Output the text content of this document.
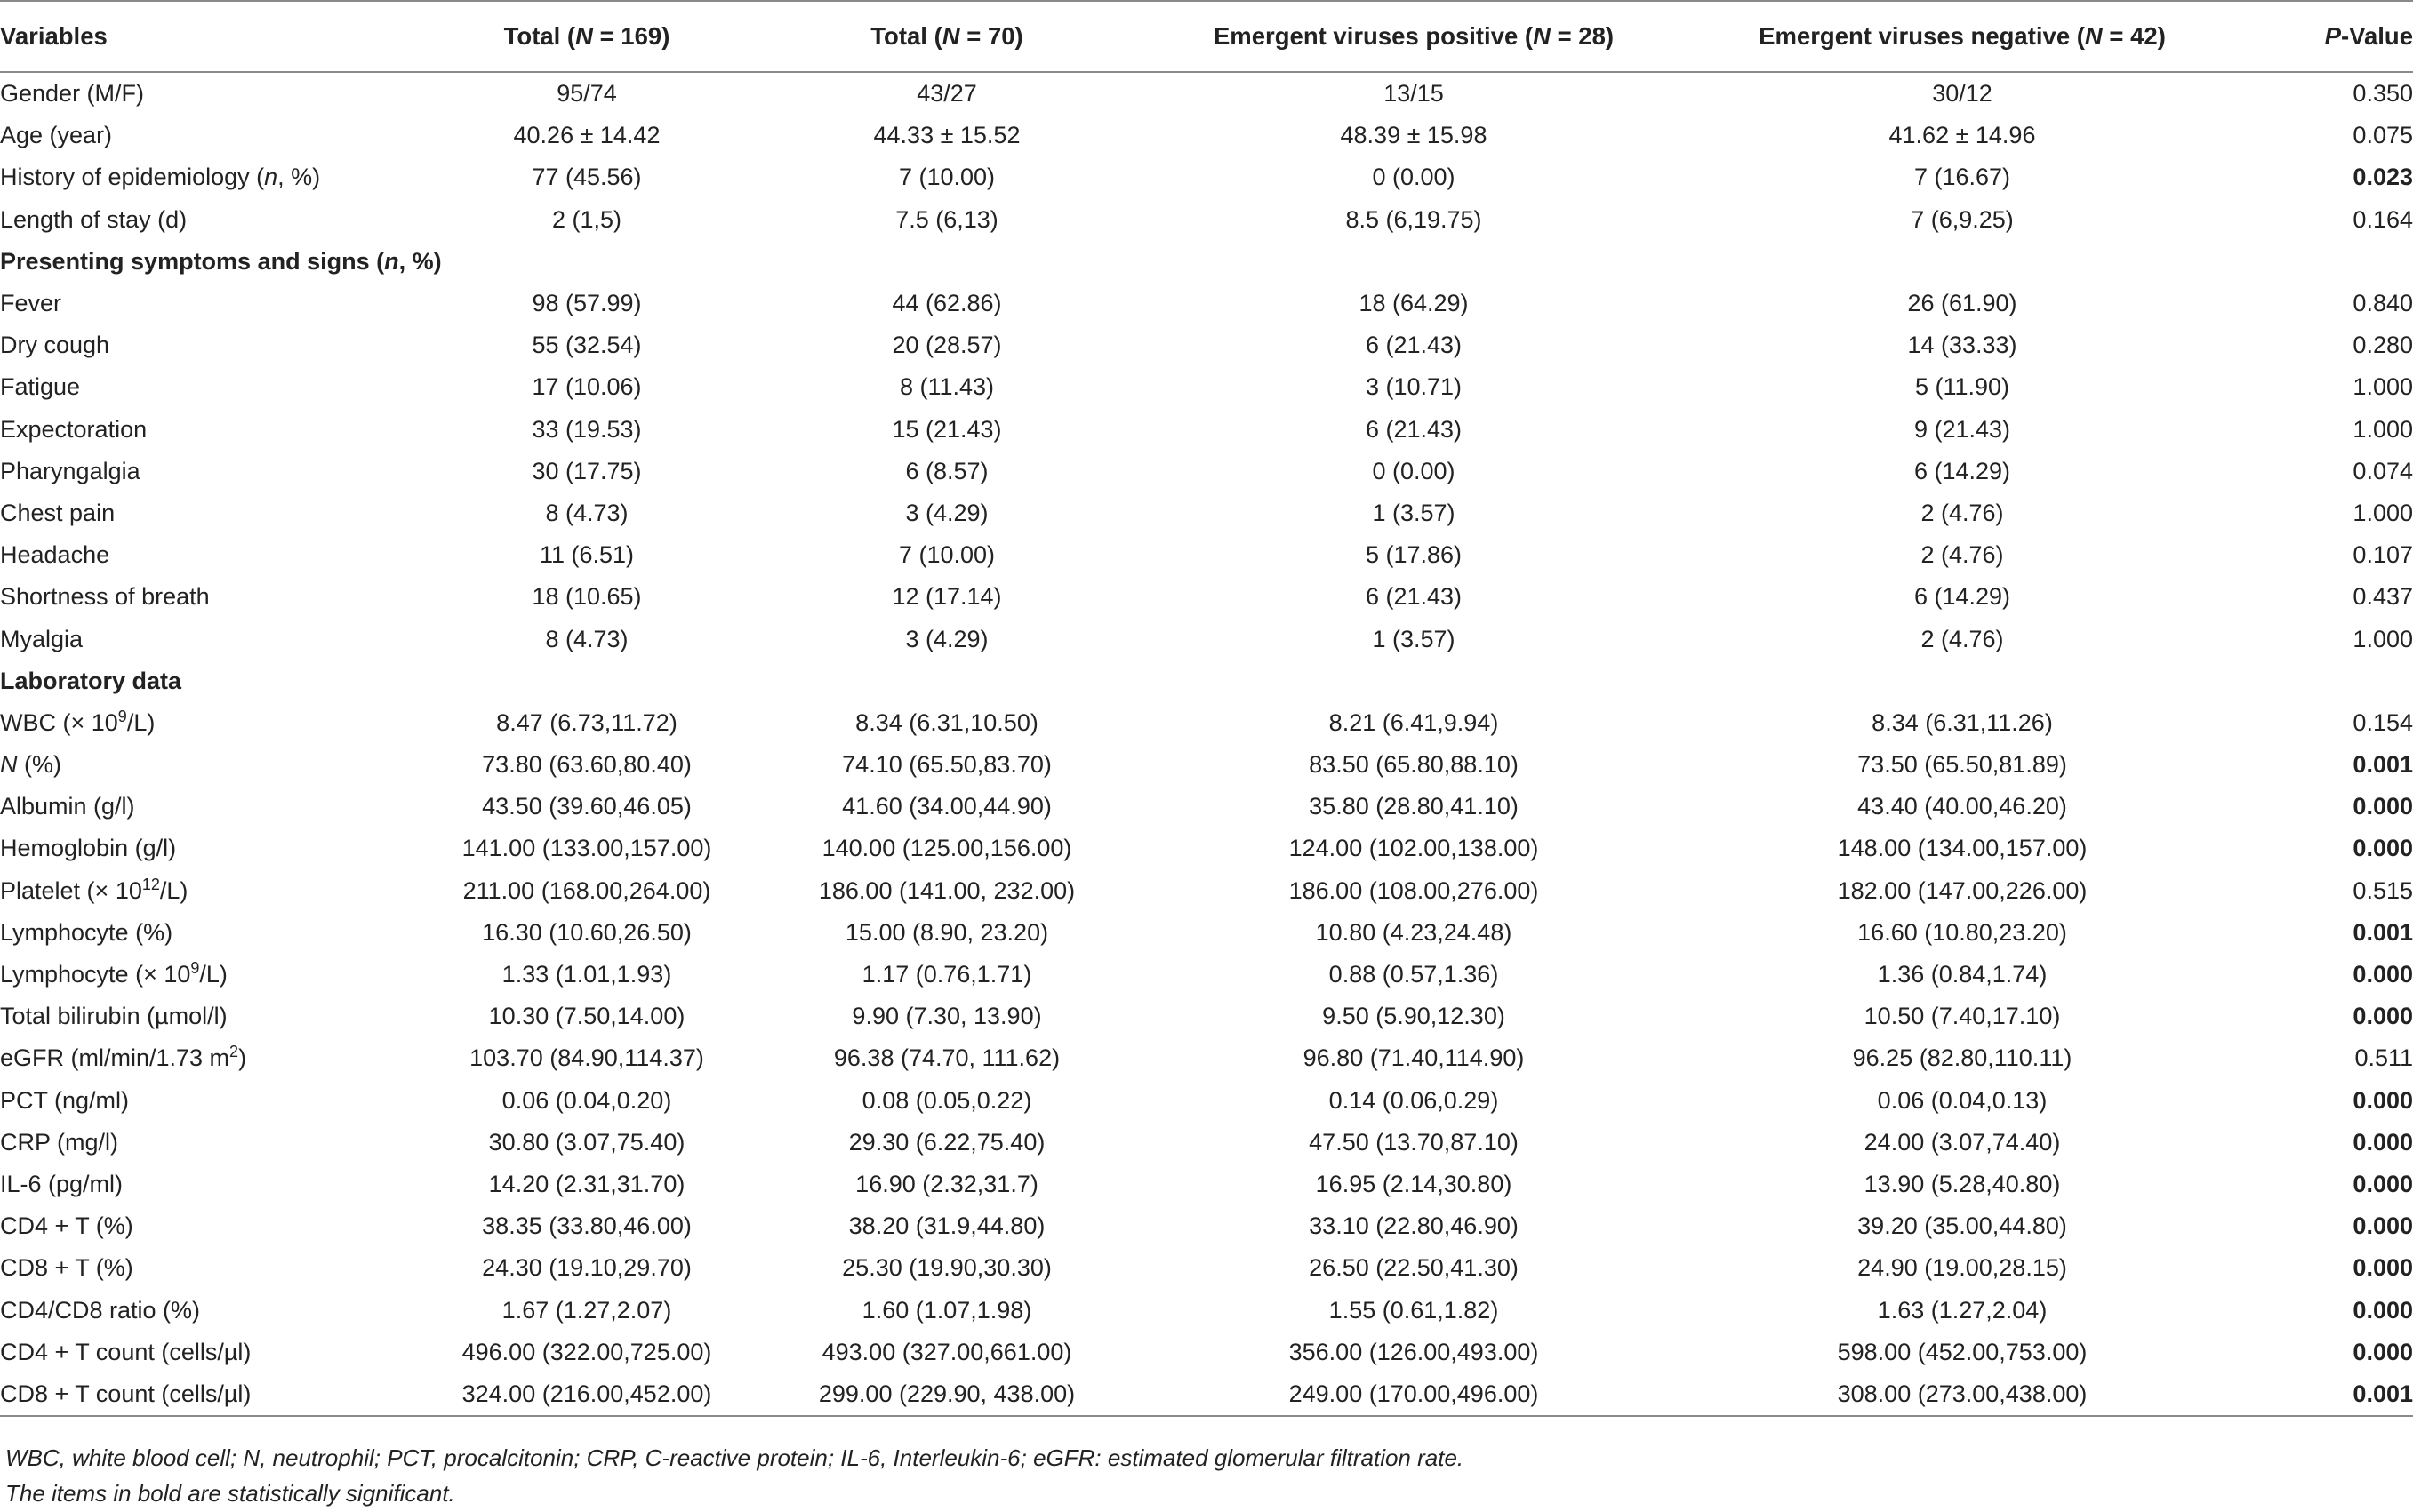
Variables	Total (N = 169)	Total (N = 70)	Emergent viruses positive (N = 28)	Emergent viruses negative (N = 42)	P-Value
Gender (M/F)	95/74	43/27	13/15	30/12	0.350
Age (year)	40.26 ± 14.42	44.33 ± 15.52	48.39 ± 15.98	41.62 ± 14.96	0.075
History of epidemiology (n, %)	77 (45.56)	7 (10.00)	0 (0.00)	7 (16.67)	0.023
Length of stay (d)	2 (1,5)	7.5 (6,13)	8.5 (6,19.75)	7 (6,9.25)	0.164
Presenting symptoms and signs (n, %)					
Fever	98 (57.99)	44 (62.86)	18 (64.29)	26 (61.90)	0.840
Dry cough	55 (32.54)	20 (28.57)	6 (21.43)	14 (33.33)	0.280
Fatigue	17 (10.06)	8 (11.43)	3 (10.71)	5 (11.90)	1.000
Expectoration	33 (19.53)	15 (21.43)	6 (21.43)	9 (21.43)	1.000
Pharyngalgia	30 (17.75)	6 (8.57)	0 (0.00)	6 (14.29)	0.074
Chest pain	8 (4.73)	3 (4.29)	1 (3.57)	2 (4.76)	1.000
Headache	11 (6.51)	7 (10.00)	5 (17.86)	2 (4.76)	0.107
Shortness of breath	18 (10.65)	12 (17.14)	6 (21.43)	6 (14.29)	0.437
Myalgia	8 (4.73)	3 (4.29)	1 (3.57)	2 (4.76)	1.000
Laboratory data					
WBC (× $10^9/L$)	8.47 (6.73,11.72)	8.34 (6.31,10.50)	8.21 (6.41,9.94)	8.34 (6.31,11.26)	0.154
N (%)	73.80 (63.60,80.40)	74.10 (65.50,83.70)	83.50 (65.80,88.10)	73.50 (65.50,81.89)	0.001
Albumin (g/l)	43.50 (39.60,46.05)	41.60 (34.00,44.90)	35.80 (28.80,41.10)	43.40 (40.00,46.20)	0.000
Hemoglobin (g/l)	141.00 (133.00,157.00)	140.00 (125.00,156.00)	124.00 (102.00,138.00)	148.00 (134.00,157.00)	0.000
Platelet (× $10^{12}/L$)	211.00 (168.00,264.00)	186.00 (141.00, 232.00)	186.00 (108.00,276.00)	182.00 (147.00,226.00)	0.515
Lymphocyte (%)	16.30 (10.60,26.50)	15.00 (8.90, 23.20)	10.80 (4.23,24.48)	16.60 (10.80,23.20)	0.001
Lymphocyte (× $10^9/L$)	1.33 (1.01,1.93)	1.17 (0.76,1.71)	0.88 (0.57,1.36)	1.36 (0.84,1.74)	0.000
Total bilirubin (µmol/l)	10.30 (7.50,14.00)	9.90 (7.30, 13.90)	9.50 (5.90,12.30)	10.50 (7.40,17.10)	0.000
eGFR (ml/min/1.73 $m^2$)	103.70 (84.90,114.37)	96.38 (74.70, 111.62)	96.80 (71.40,114.90)	96.25 (82.80,110.11)	0.511
PCT (ng/ml)	0.06 (0.04,0.20)	0.08 (0.05,0.22)	0.14 (0.06,0.29)	0.06 (0.04,0.13)	0.000
CRP (mg/l)	30.80 (3.07,75.40)	29.30 (6.22,75.40)	47.50 (13.70,87.10)	24.00 (3.07,74.40)	0.000
IL-6 (pg/ml)	14.20 (2.31,31.70)	16.90 (2.32,31.7)	16.95 (2.14,30.80)	13.90 (5.28,40.80)	0.000
CD4 + T (%)	38.35 (33.80,46.00)	38.20 (31.9,44.80)	33.10 (22.80,46.90)	39.20 (35.00,44.80)	0.000
CD8 + T (%)	24.30 (19.10,29.70)	25.30 (19.90,30.30)	26.50 (22.50,41.30)	24.90 (19.00,28.15)	0.000
CD4/CD8 ratio (%)	1.67 (1.27,2.07)	1.60 (1.07,1.98)	1.55 (0.61,1.82)	1.63 (1.27,2.04)	0.000
CD4 + T count (cells/µl)	496.00 (322.00,725.00)	493.00 (327.00,661.00)	356.00 (126.00,493.00)	598.00 (452.00,753.00)	0.000
CD8 + T count (cells/µl)	324.00 (216.00,452.00)	299.00 (229.90, 438.00)	249.00 (170.00,496.00)	308.00 (273.00,438.00)	0.001
WBC, white blood cell; N, neutrophil; PCT, procalcitonin; CRP, C-reactive protein; IL-6, Interleukin-6; eGFR: estimated glomerular filtration rate.
The items in bold are statistically significant.
